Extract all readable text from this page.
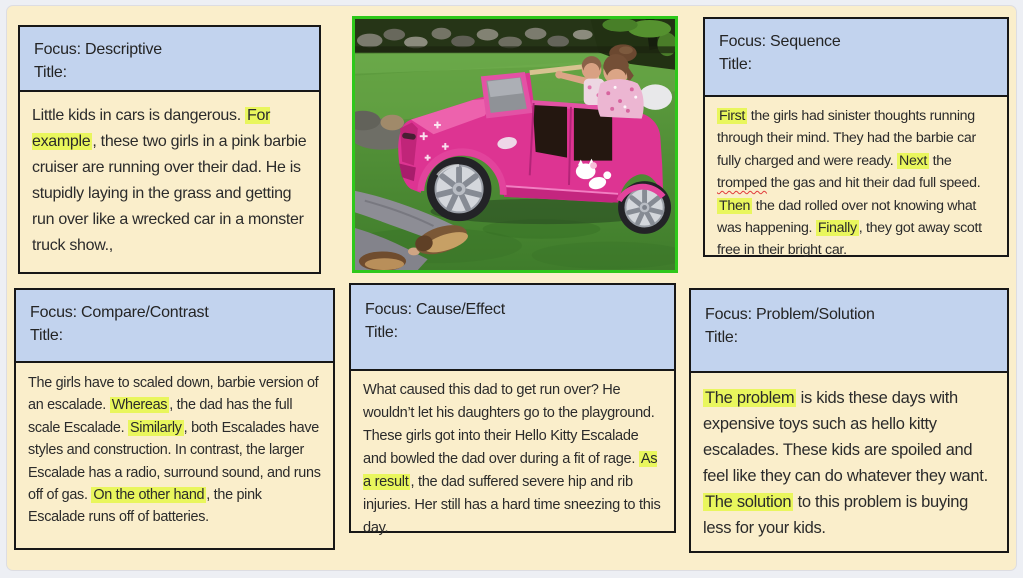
Focus: Descriptive
Title:
Little kids in cars is dangerous. For example , these two girls in a pink barbie cruiser are running over their dad. He is stupidly laying in the grass and getting run over like a wrecked car in a monster truck show.,
Focus: Sequence
Title:
First the girls had sinister thoughts running through their mind. They had the barbie car fully charged and were ready. Next the tromped the gas and hit their dad full speed. Then the dad rolled over not knowing what was happening. Finally , they got away scott free in their bright car.
Focus: Compare/Contrast
Title:
The girls have to scaled down, barbie version of an escalade. Whereas , the dad has the full scale Escalade. Similarly , both Escalades have styles and construction. In contrast, the larger Escalade has a radio, surround sound, and runs off of gas. On the other hand , the pink Escalade runs off of batteries.
Focus: Cause/Effect
Title:
What caused this dad to get run over? He wouldn’t let his daughters go to the playground. These girls got into their Hello Kitty Escalade and bowled the dad over during a fit of rage. As a result , the dad suffered severe hip and rib injuries. Her still has a hard time sneezing to this day.
Focus: Problem/Solution
Title:
The problem is kids these days with expensive toys such as hello kitty escalades. These kids are spoiled and feel like they can do whatever they want. The solution to this problem is buying less for your kids.
